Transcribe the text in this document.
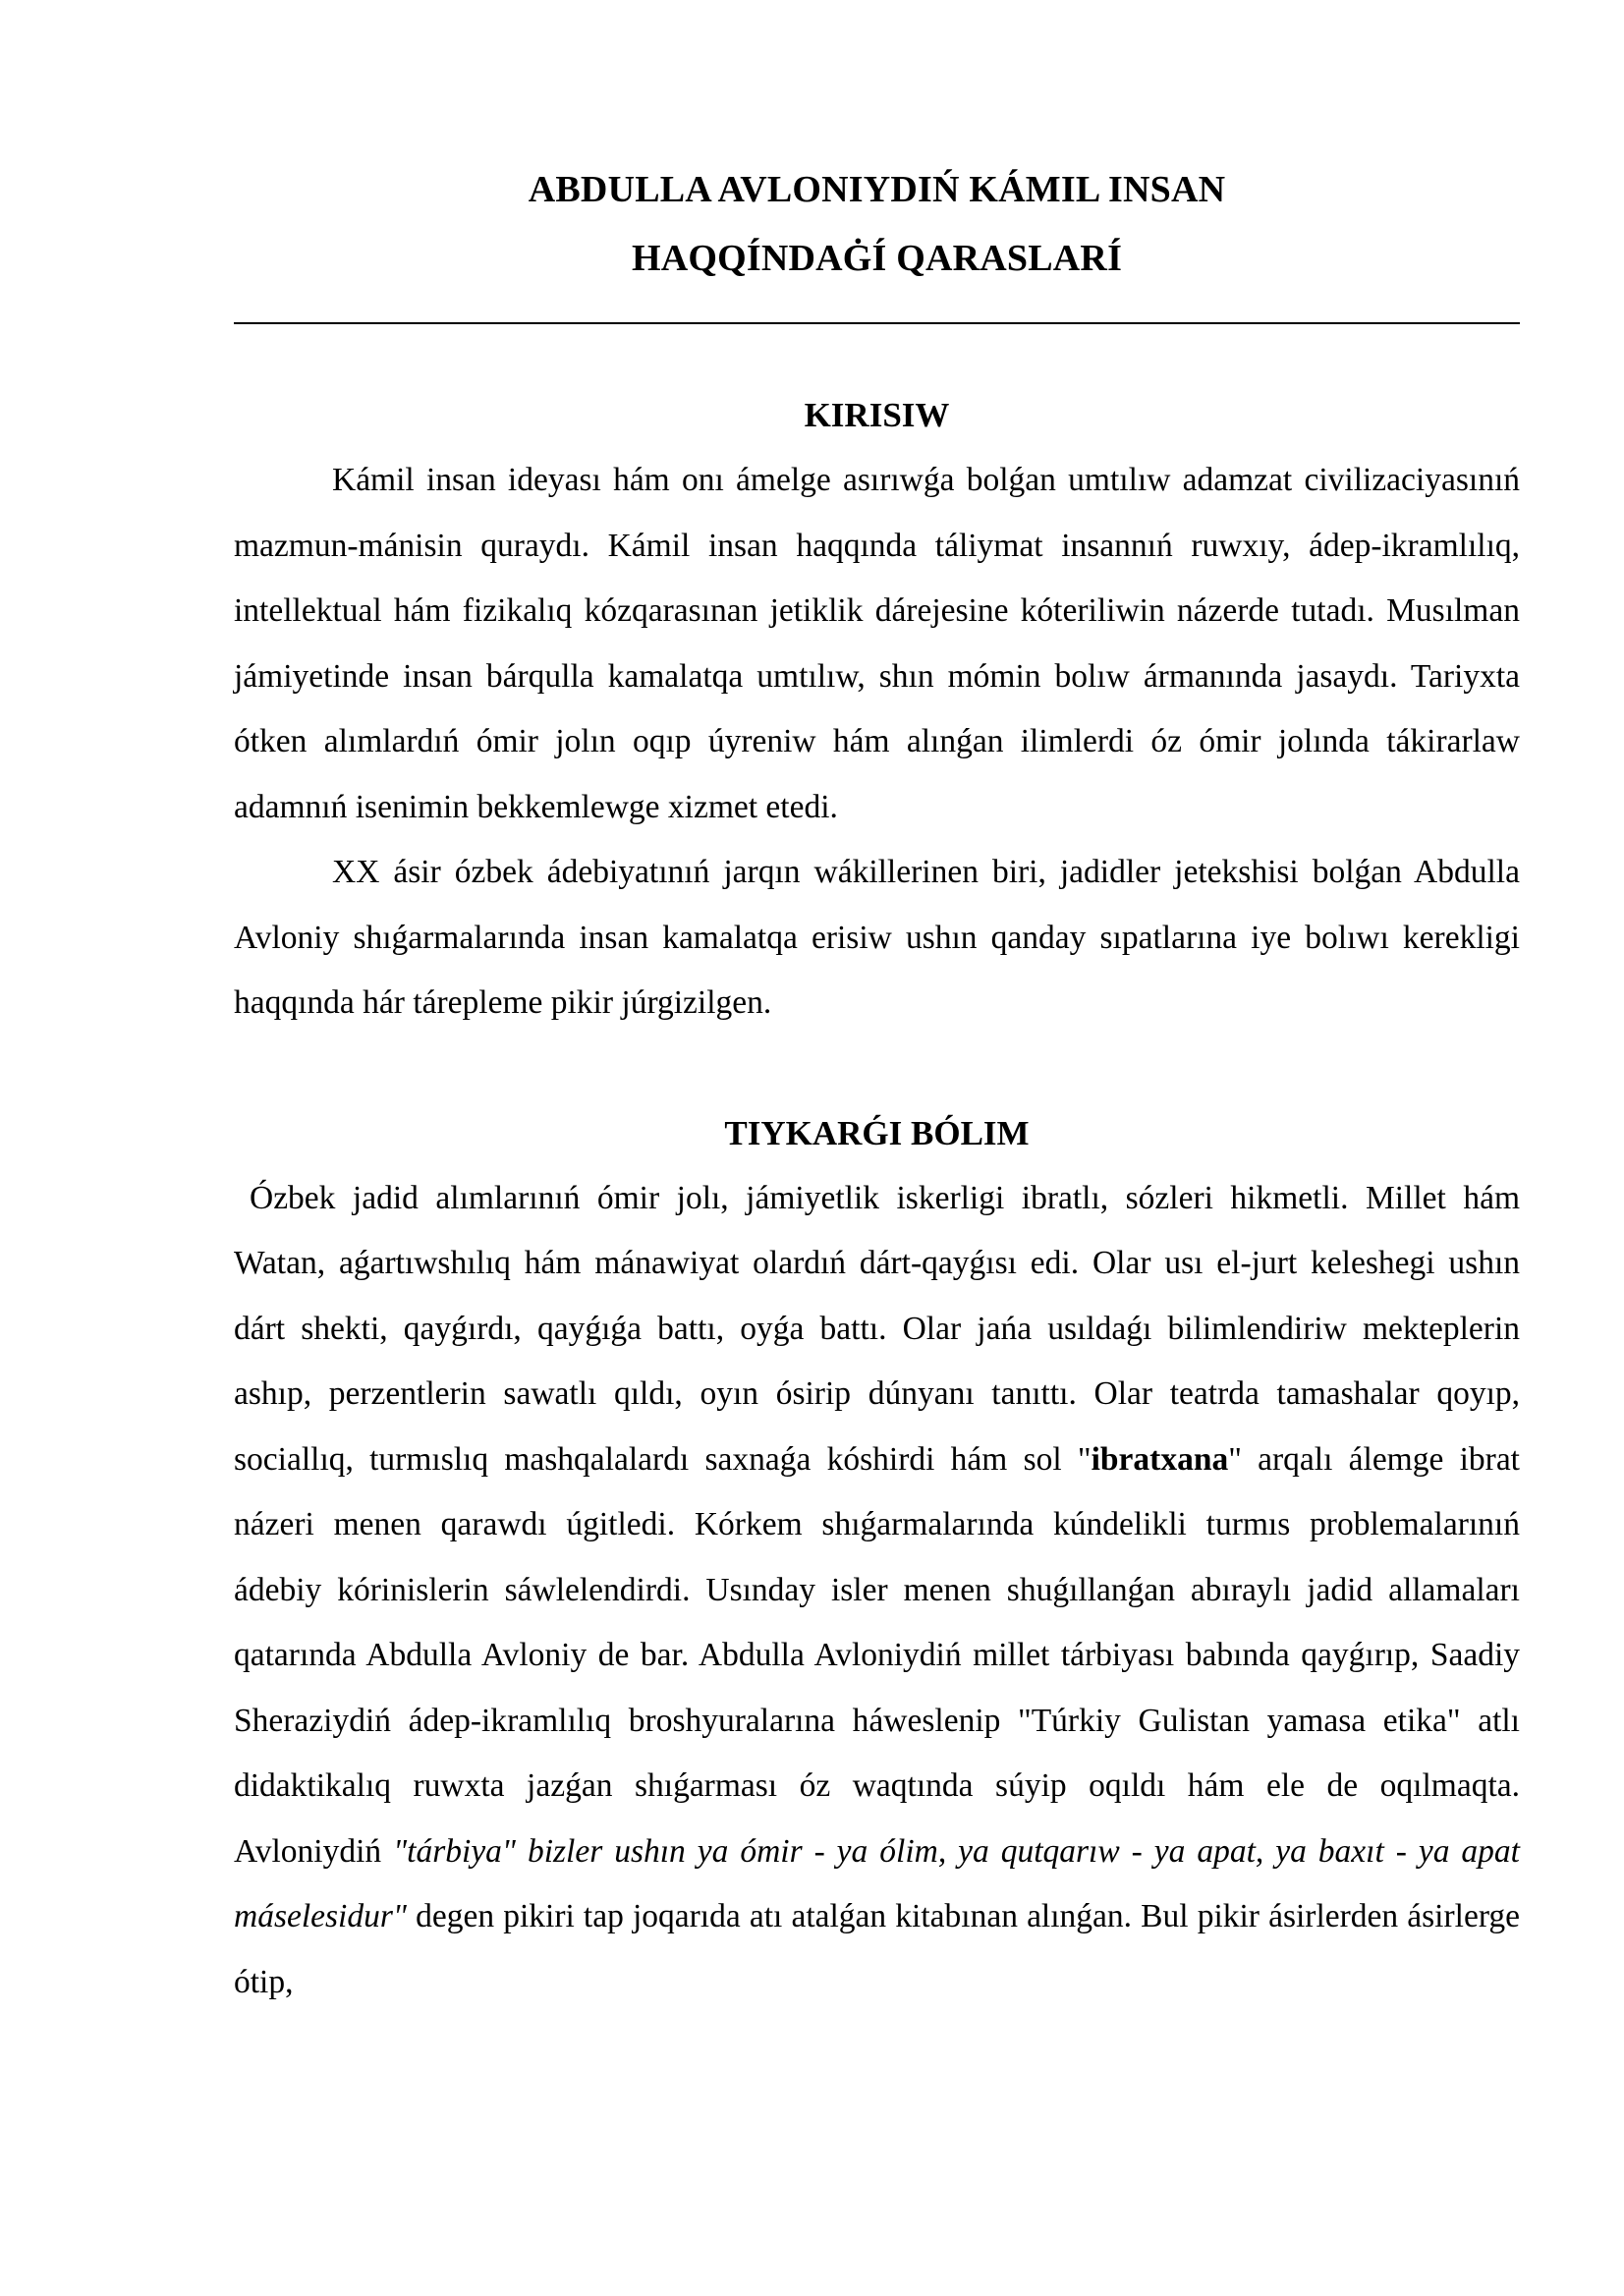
ABDULLA AVLONIYDIŃ KÁMIL INSAN
HAQQÍNDAĠÍ QARASLARÍ
KIRISIW

Kámil insan ideyası hám onı ámelge asırıwǵa bolǵan umtılıw adamzat civilizaciyasınıń mazmun-mánisin quraydı. Kámil insan haqqında táliymat insannıń ruwxıy, ádep-ikramlılıq, intellektual hám fizikalıq kózqarasınan jetiklik dárejesine kóteriliwin názerde tutadı. Musılman jámiyetinde insan bárqulla kamalatqa umtılıw, shın mómin bolıw ármanında jasaydı. Tariyxta ótken alımlardıń ómir jolın oqıp úyreniw hám alınǵan ilimlerdi óz ómir jolında tákirarlaw adamnıń isenimin bekkemlewge xizmet etedi.

XX ásir ózbek ádebiyatınıń jarqın wákillerinen biri, jadidler jetekshisi bolǵan Abdulla Avloniy shıǵarmalarında insan kamalatqa erisiw ushın qanday sıpatlarına iye bolıwı kerekligi haqqında hár tárepleme pikir júrgizilgen.

TIYKARǴI BÓLIM

Ózbek jadid alımlarınıń ómir jolı, jámiyetlik iskerligi ibratlı, sózleri hikmetli. Millet hám Watan, aǵartıwshılıq hám mánawiyat olardıń dárt-qayǵısı edi. Olar usı el-jurt keleshegi ushın dárt shekti, qayǵırdı, qayǵıǵa battı, oyǵa battı. Olar jańa usıldaǵı bilimlendiriw mekteplerin ashıp, perzentlerin sawatlı qıldı, oyın ósirip dúnyanı tanıttı. Olar teatrda tamashalar qoyıp, sociallıq, turmıslıq mashqalalardı saxnaǵa kóshirdi hám sol "ibratxana" arqalı álemge ibrat názeri menen qarawdı úgitledi. Kórkem shıǵarmalarında kúndelikli turmıs problemalarınıń ádebiy kórinislerin sáwlelendirdi. Usınday isler menen shuǵıllanǵan abıraylı jadid allamaları qatarında Abdulla Avloniy de bar. Abdulla Avloniydiń millet tárbiyası babında qayǵırıp, Saadiy Sheraziydiń ádep-ikramlılıq broshyuralarına háweslenip "Túrkiy Gulistan yamasa etika" atlı didaktikalıq ruwxta jazǵan shıǵarması óz waqtında súyip oqıldı hám ele de oqılmaqta. Avloniydiń "tárbiya" bizler ushın ya ómir - ya ólim, ya qutqarıw - ya apat, ya baxıt - ya apat máselesidur" degen pikiri tap joqarıda atı atalǵan kitabınan alınǵan. Bul pikir ásirlerden ásirlerge ótip,
